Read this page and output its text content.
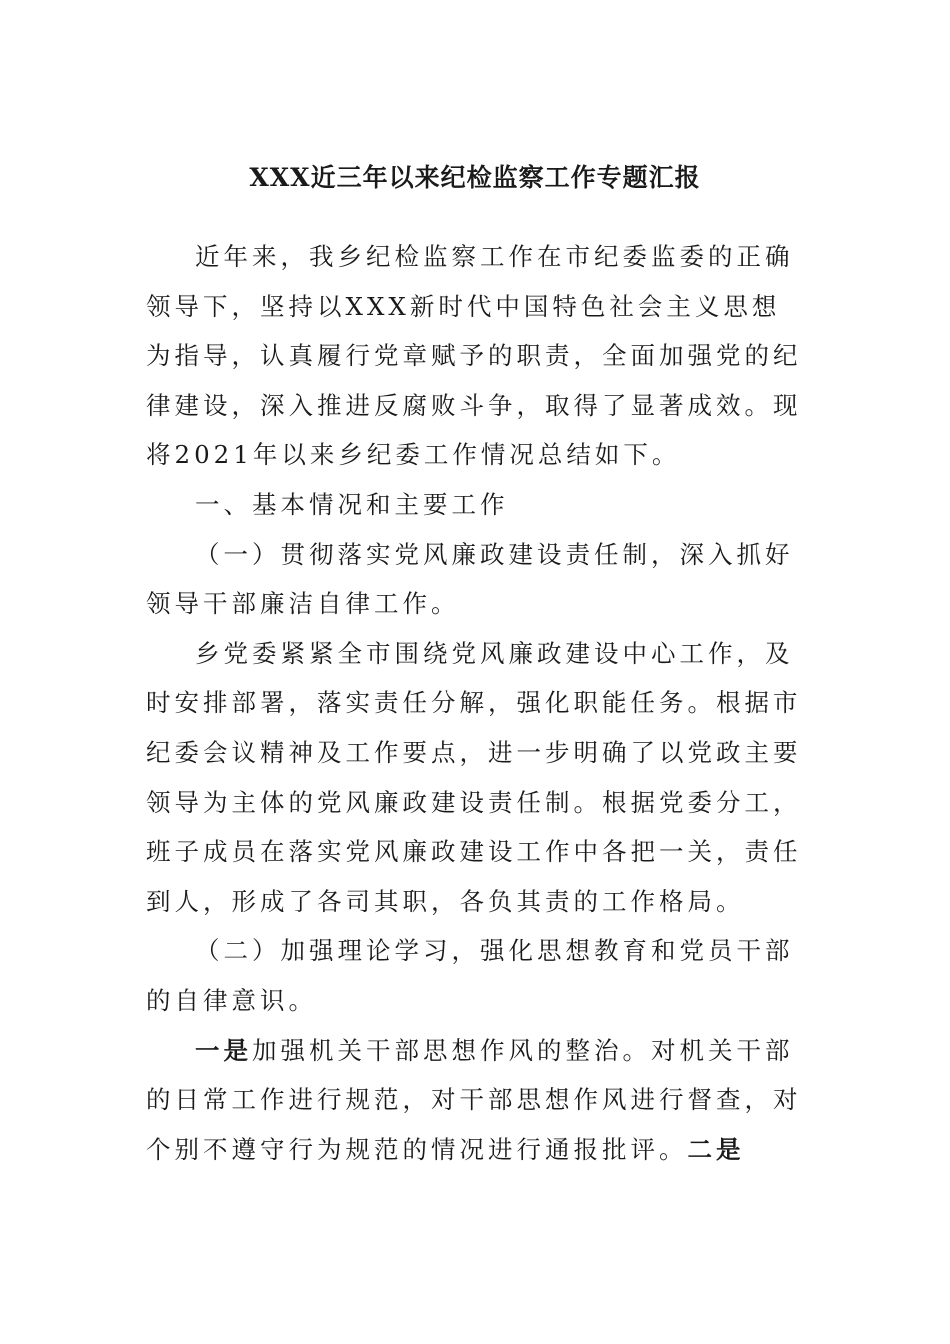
XXX近三年以来纪检监察工作专题汇报

近年来，我乡纪检监察工作在市纪委监委的正确领导下，坚持以XXX新时代中国特色社会主义思想为指导，认真履行党章赋予的职责，全面加强党的纪律建设，深入推进反腐败斗争，取得了显著成效。现将2021年以来乡纪委工作情况总结如下。

一、基本情况和主要工作

（一）贯彻落实党风廉政建设责任制，深入抓好领导干部廉洁自律工作。

乡党委紧紧全市围绕党风廉政建设中心工作，及时安排部署，落实责任分解，强化职能任务。根据市纪委会议精神及工作要点，进一步明确了以党政主要领导为主体的党风廉政建设责任制。根据党委分工，班子成员在落实党风廉政建设工作中各把一关，责任到人，形成了各司其职，各负其责的工作格局。

（二）加强理论学习，强化思想教育和党员干部的自律意识。

一是加强机关干部思想作风的整治。对机关干部的日常工作进行规范，对干部思想作风进行督查，对个别不遵守行为规范的情况进行通报批评。二是
